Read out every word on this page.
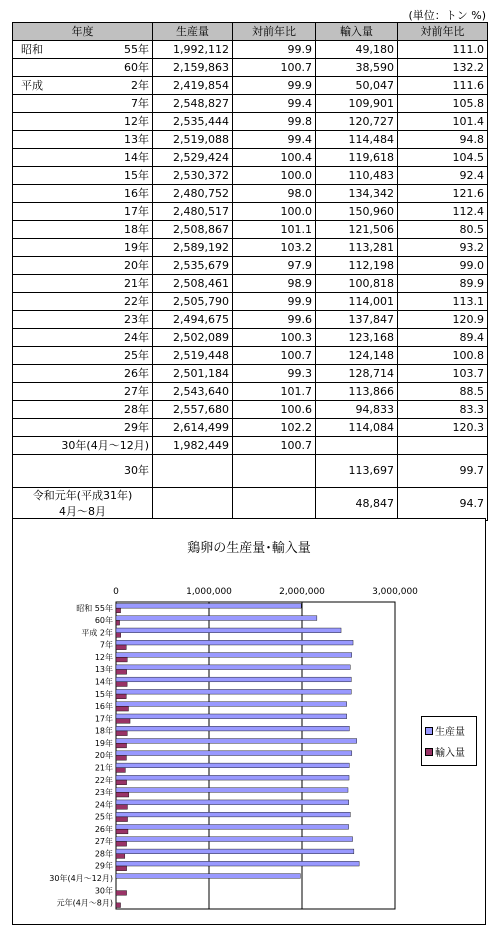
(単位：トン %)
年度	生産量	対前年比	輸入量	対前年比

昭和 55年	1,992,112	99.9	49,180	111.0
60年	2,159,863	100.7	38,590	132.2

平成 2年	2,419,854	99.9	50,047	111.6
7年	2,548,827	99.4	109,901	105.8
12年	2,535,444	99.8	120,727	101.4
13年	2,519,088	99.4	114,484	94.8
14年	2,529,424	100.4	119,618	104.5
15年	2,530,372	100.0	110,483	92.4
16年	2,480,752	98.0	134,342	121.6
17年	2,480,517	100.0	150,960	112.4
18年	2,508,867	101.1	121,506	80.5
19年	2,589,192	103.2	113,281	93.2
20年	2,535,679	97.9	112,198	99.0
21年	2,508,461	98.9	100,818	89.9
22年	2,505,790	99.9	114,001	113.1
23年	2,494,675	99.6	137,847	120.9
24年	2,502,089	100.3	123,168	89.4
25年	2,519,448	100.7	124,148	100.8
26年	2,501,184	99.3	128,714	103.7
27年	2,543,640	101.7	113,866	88.5
28年	2,557,680	100.6	94,833	83.3
29年	2,614,499	102.2	114,084	120.3
30年(4月～12月)	1,982,449	100.7		
30年			113,697	99.7

令和元年(平成31年)
4月～8月			48,847	94.7
鶏卵の生産量･輸入量
0	1,000,000	2,000,000	3,000,000
昭和 55年
60年
平成 2年
7年
12年
13年
14年
15年
16年
17年
18年
19年
20年
21年
22年
23年
24年
25年
26年
27年
28年
29年
30年(4月～12月)
30年
元年(4月～8月)
生産量
輸入量
